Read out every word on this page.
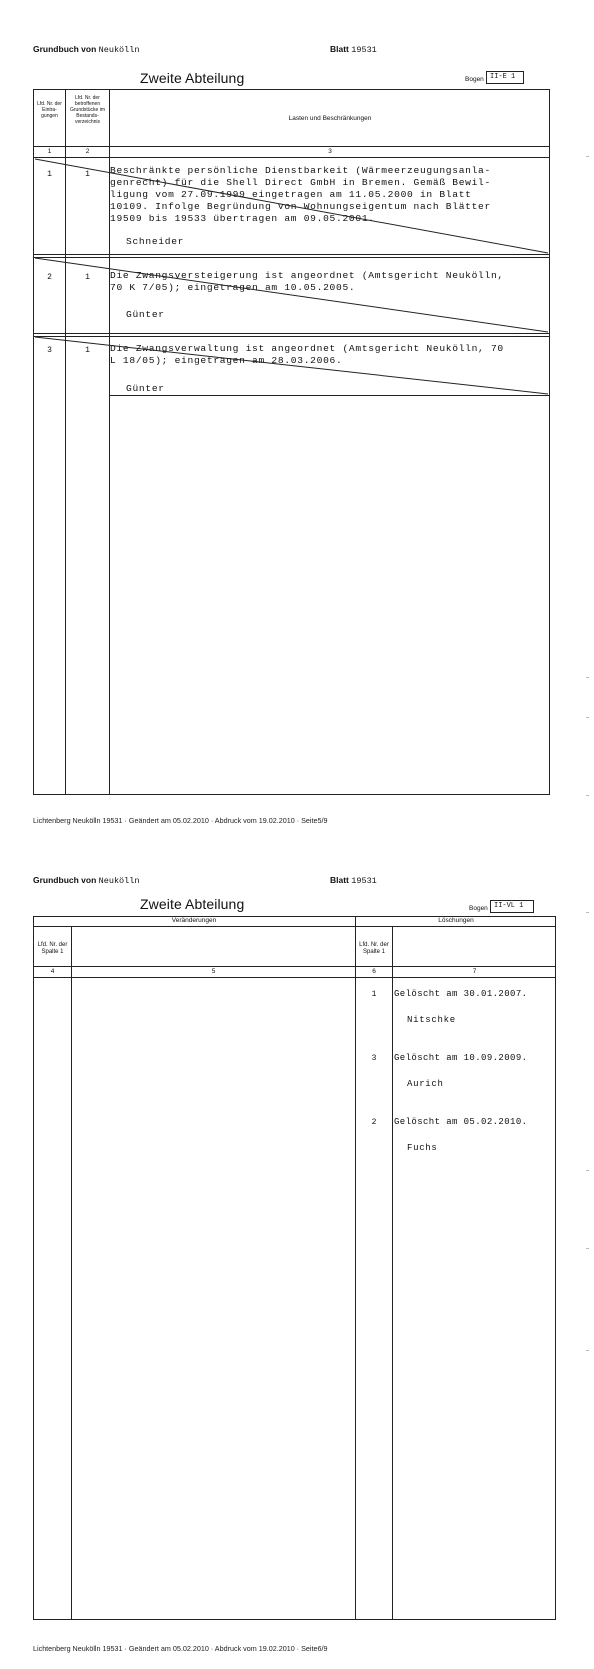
Grundbuch von Neukölln	Blatt 19531
Zweite Abteilung	Bogen II-E 1
Lfd. Nr. der Eintra-gungen
Lfd. Nr. der betroffenen Grundstücke im Bestands-verzeichnis	Lasten und Beschränkungen
1	2	3
1	1	Beschränkte persönliche Dienstbarkeit (Wärmeerzeugungsanla-
genrecht) für die Shell Direct GmbH in Bremen. Gemäß Bewil-
ligung vom 27.09.1999 eingetragen am 11.05.2000 in Blatt
10109. Infolge Begründung von Wohnungseigentum nach Blätter
19509 bis 19533 übertragen am 09.05.2001.
Schneider
2	1	Die Zwangsversteigerung ist angeordnet (Amtsgericht Neukölln,
70 K 7/05); eingetragen am 10.05.2005.
Günter
3	1	Die Zwangsverwaltung ist angeordnet (Amtsgericht Neukölln, 70
L 18/05); eingetragen am 28.03.2006.
Günter
Lichtenberg Neukölln 19531 · Geändert am 05.02.2010 · Abdruck vom 19.02.2010 · Seite5/9
Grundbuch von Neukölln	Blatt 19531
Zweite Abteilung	Bogen II-VL 1
Veränderungen	Löschungen
Lfd. Nr. der Spalte 1
Lfd. Nr. der Spalte 1
4	5	6	7
1	Gelöscht am 30.01.2007.
Nitschke
3	Gelöscht am 10.09.2009.
Aurich
2	Gelöscht am 05.02.2010.
Fuchs
Lichtenberg Neukölln 19531 · Geändert am 05.02.2010 · Abdruck vom 19.02.2010 · Seite6/9
